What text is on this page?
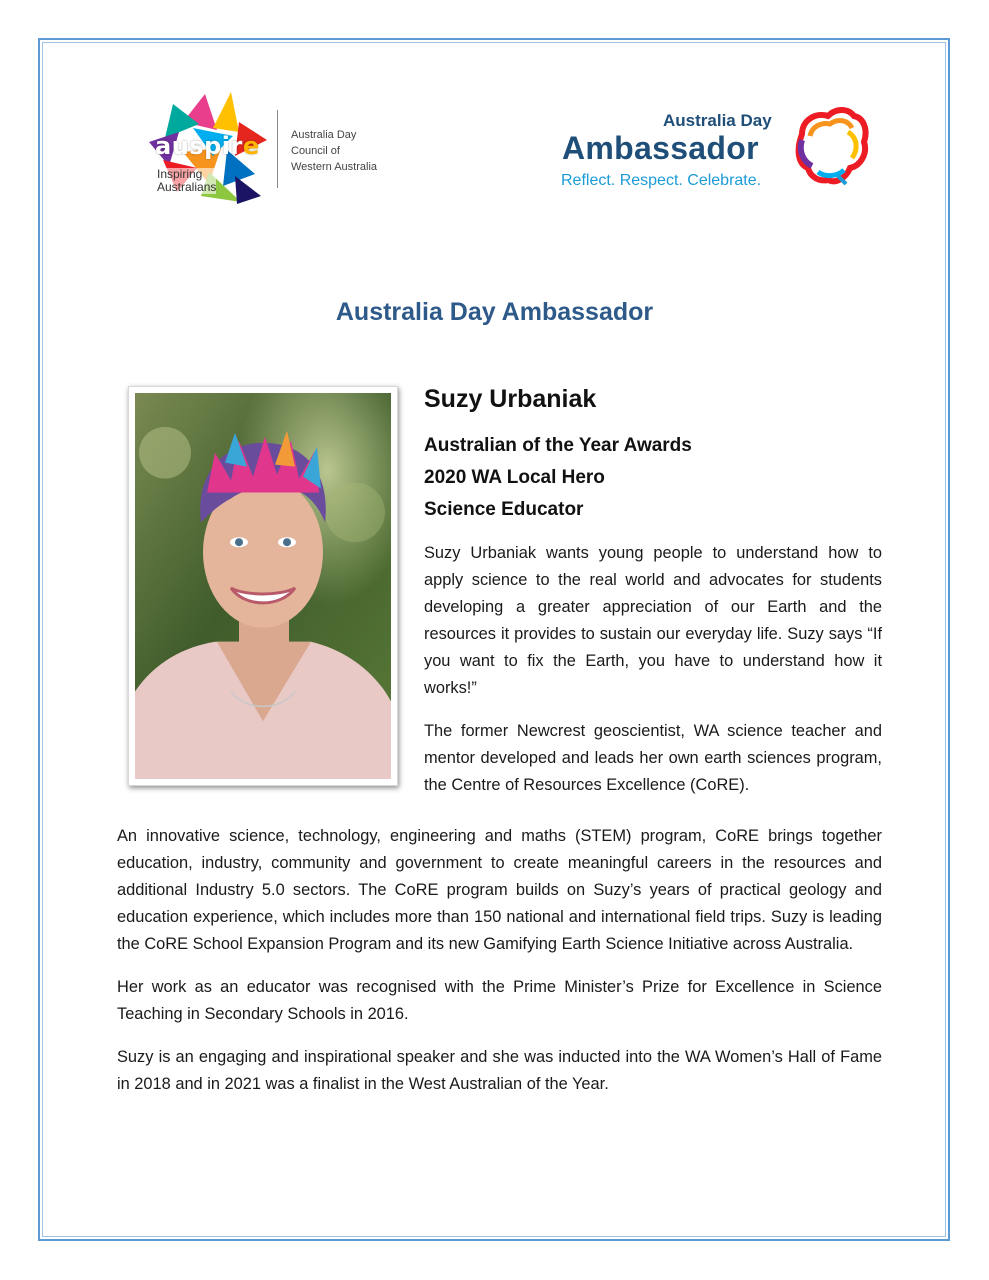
auspire
Inspiring
Australians
Australia Day
Council of
Western Australia
Australia Day
Ambassador
Reflect. Respect. Celebrate.
Australia Day Ambassador
Suzy Urbaniak
Australian of the Year Awards
2020 WA Local Hero
Science Educator

Suzy Urbaniak wants young people to understand how to apply science to the real world and advocates for students developing a greater appreciation of our Earth and the resources it provides to sustain our everyday life. Suzy says “If you want to fix the Earth, you have to understand how it works!”

The former Newcrest geoscientist, WA science teacher and mentor developed and leads her own earth sciences program, the Centre of Resources Excellence (CoRE).

An innovative science, technology, engineering and maths (STEM) program, CoRE brings together education, industry, community and government to create meaningful careers in the resources and additional Industry 5.0 sectors. The CoRE program builds on Suzy’s years of practical geology and education experience, which includes more than 150 national and international field trips. Suzy is leading the CoRE School Expansion Program and its new Gamifying Earth Science Initiative across Australia.

Her work as an educator was recognised with the Prime Minister’s Prize for Excellence in Science Teaching in Secondary Schools in 2016.

Suzy is an engaging and inspirational speaker and she was inducted into the WA Women’s Hall of Fame in 2018 and in 2021 was a finalist in the West Australian of the Year.
